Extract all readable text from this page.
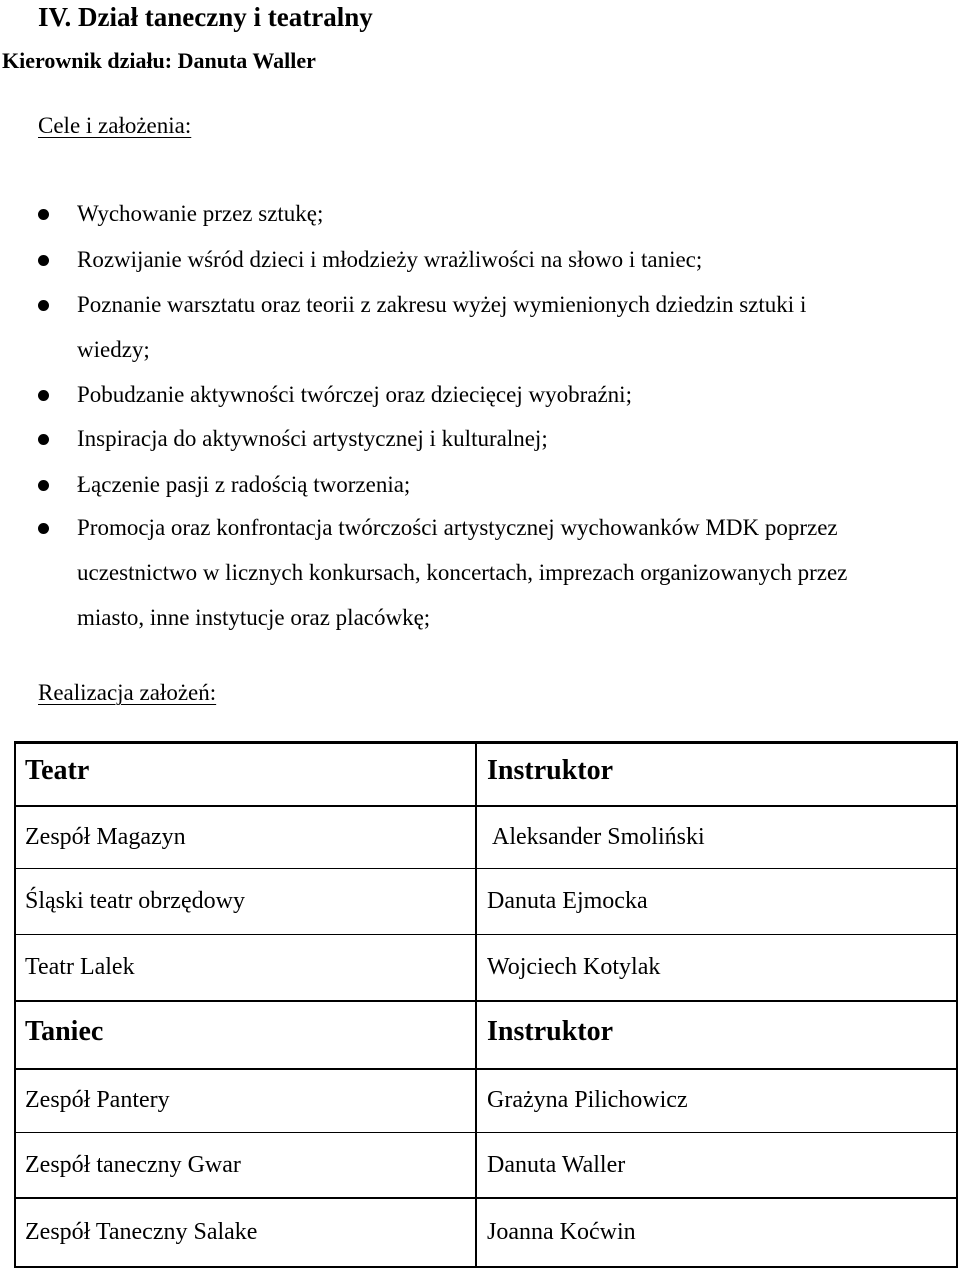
IV. Dział taneczny i teatralny
Kierownik działu: Danuta Waller
Cele i założenia:
Wychowanie przez sztukę;
Rozwijanie wśród dzieci i młodzieży wrażliwości na słowo i taniec;
Poznanie warsztatu oraz teorii z zakresu wyżej wymienionych dziedzin sztuki i
wiedzy;
Pobudzanie aktywności twórczej oraz dziecięcej wyobraźni;
Inspiracja do aktywności artystycznej i kulturalnej;
Łączenie pasji z radością tworzenia;
Promocja oraz konfrontacja twórczości artystycznej wychowanków MDK poprzez
uczestnictwo w licznych konkursach, koncertach, imprezach organizowanych przez
miasto, inne instytucje oraz placówkę;
Realizacja założeń:
Teatr	Instruktor
Zespół Magazyn	Aleksander Smoliński
Śląski teatr obrzędowy	Danuta Ejmocka
Teatr Lalek	Wojciech Kotylak
Taniec	Instruktor
Zespół Pantery	Grażyna Pilichowicz
Zespół taneczny Gwar	Danuta Waller
Zespół Taneczny Salake	Joanna Koćwin
